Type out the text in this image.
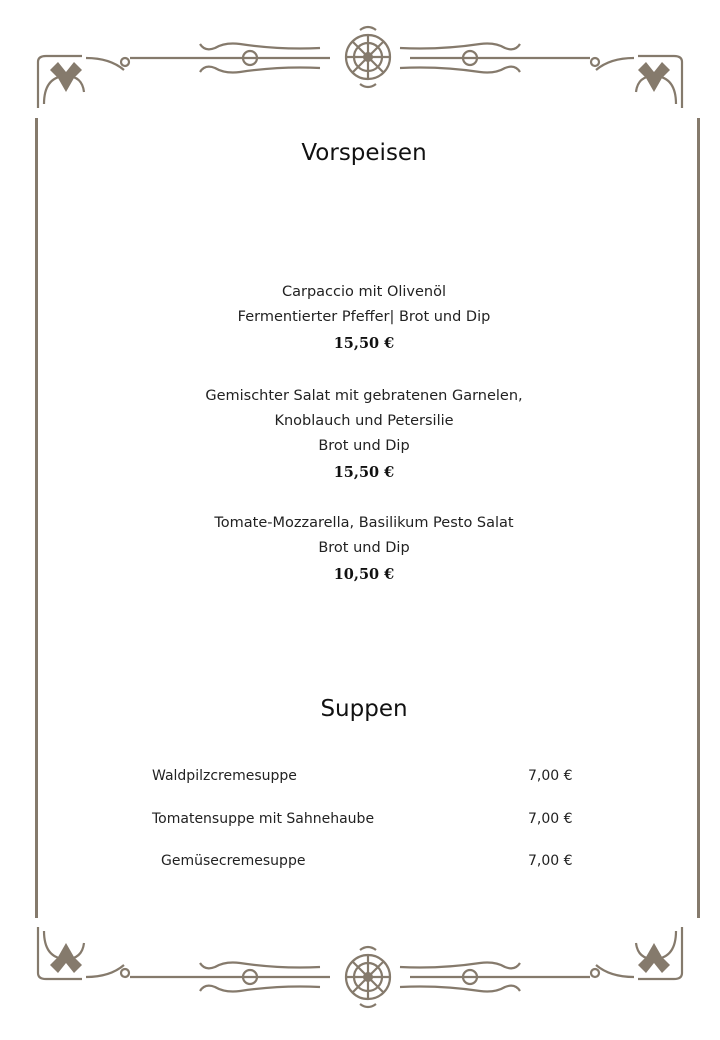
Vorspeisen
Carpaccio mit Olivenöl
Fermentierter Pfeffer| Brot und Dip
15,50 €
Gemischter Salat mit gebratenen Garnelen,
Knoblauch und Petersilie
Brot und Dip
15,50 €
Tomate-Mozzarella, Basilikum Pesto Salat
Brot und Dip
10,50 €
Suppen
Waldpilzcremesuppe	7,00 €
Tomatensuppe mit Sahnehaube	7,00 €
Gemüsecremesuppe	7,00 €
